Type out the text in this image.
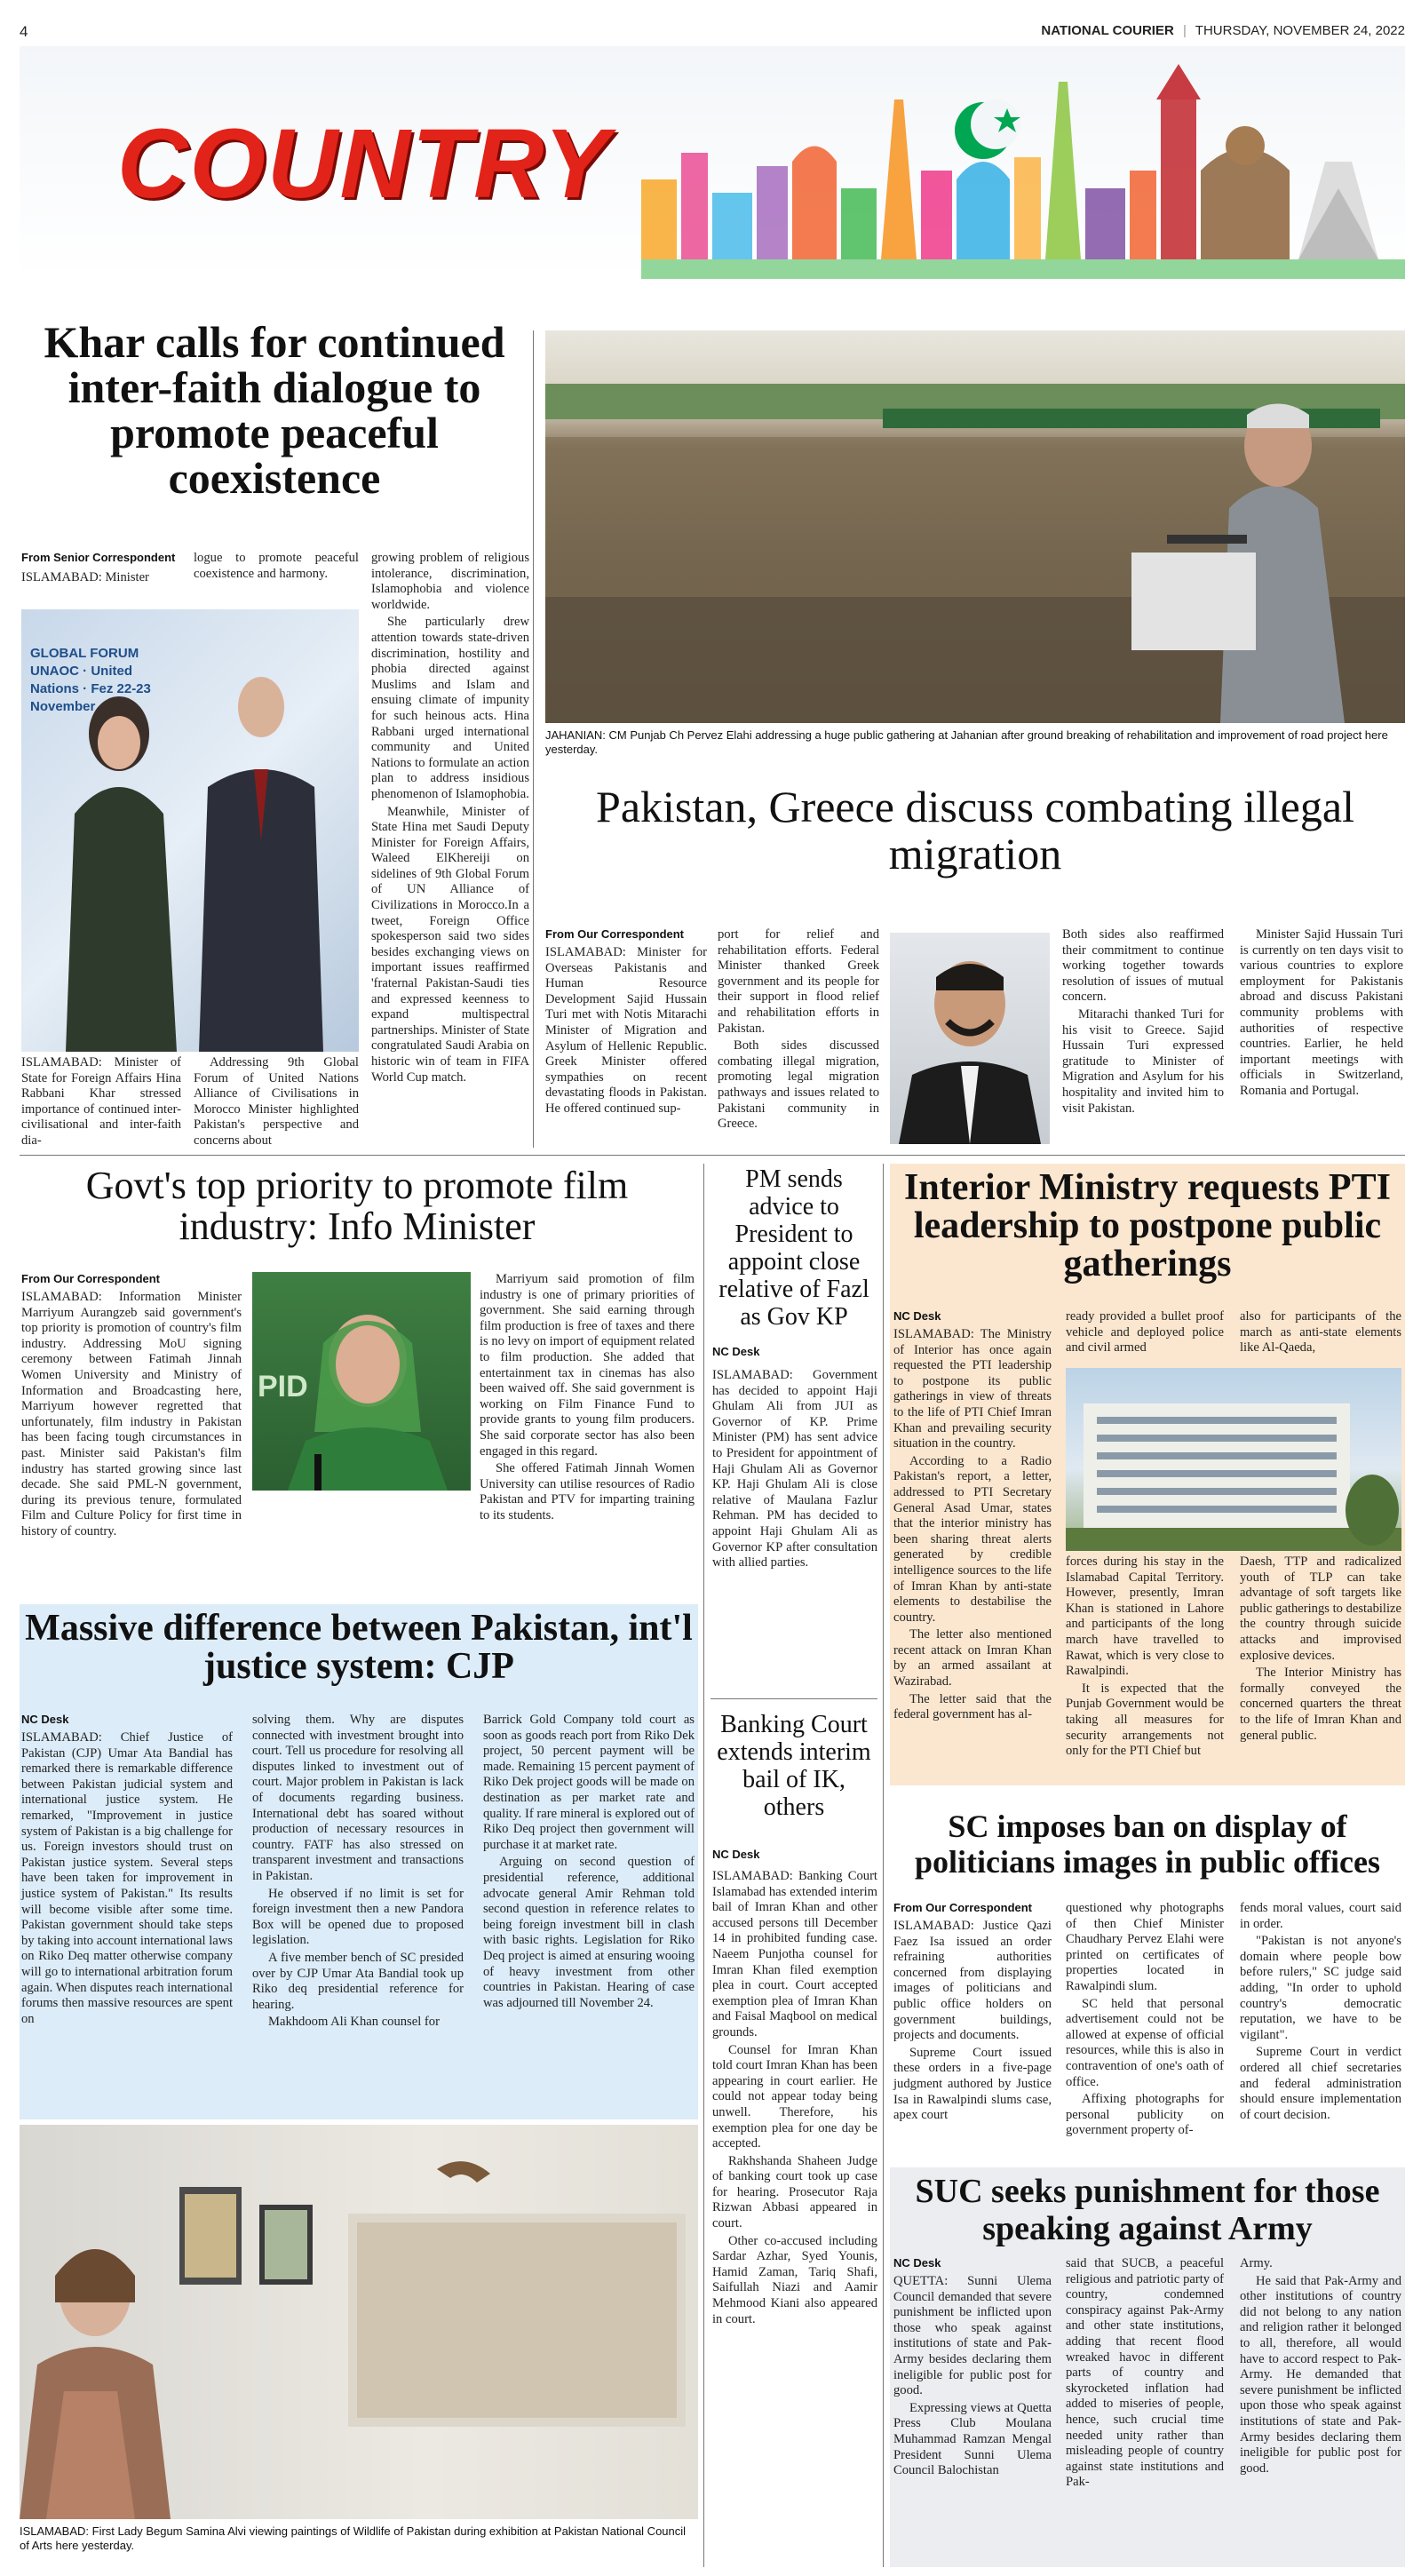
4	NATIONAL COURIER | THURSDAY, NOVEMBER 24, 2022
COUNTRY
Khar calls for continued inter-faith dialogue to promote peaceful coexistence
From Senior Correspondent

ISLAMABAD: Minister

GLOBAL FORUM UNAOC · United Nations · Fez 22-23 November

ISLAMABAD: Minister of State for Foreign Affairs Hina Rabbani Khar stressed importance of continued inter-civilisational and inter-faith dia-

logue to promote peaceful coexistence and harmony.

Addressing 9th Global Forum of United Nations Alliance of Civilisations in Morocco Minister highlighted Pakistan's perspective and concerns about

growing problem of religious intolerance, discrimination, Islamophobia and violence worldwide.

She particularly drew attention towards state-driven discrimination, hostility and phobia directed against Muslims and Islam and ensuing climate of impunity for such heinous acts. Hina Rabbani urged international community and United Nations to formulate an action plan to address insidious phenomenon of Islamophobia.

Meanwhile, Minister of State Hina met Saudi Deputy Minister for Foreign Affairs, Waleed ElKhereiji on sidelines of 9th Global Forum of UN Alliance of Civilizations in Morocco.In a tweet, Foreign Office spokesperson said two sides besides exchanging views on important issues reaffirmed 'fraternal Pakistan-Saudi ties and expressed keenness to expand multispectral partnerships. Minister of State congratulated Saudi Arabia on historic win of team in FIFA World Cup match.

JAHANIAN: CM Punjab Ch Pervez Elahi addressing a huge public gathering at Jahanian after ground breaking of rehabilitation and improvement of road project here yesterday.
Pakistan, Greece discuss combating illegal migration
From Our Correspondent

ISLAMABAD: Minister for Overseas Pakistanis and Human Resource Development Sajid Hussain Turi met with Notis Mitarachi Minister of Migration and Asylum of Hellenic Republic. Greek Minister offered sympathies on recent devastating floods in Pakistan. He offered continued sup-

port for relief and rehabilitation efforts. Federal Minister thanked Greek government and its people for their support in flood relief and rehabilitation efforts in Pakistan.

Both sides discussed combating illegal migration, promoting legal migration pathways and issues related to Pakistani community in Greece.

Both sides also reaffirmed their commitment to continue working together towards resolution of issues of mutual concern.

Mitarachi thanked Turi for his visit to Greece. Sajid Hussain Turi expressed gratitude to Minister of Migration and Asylum for his hospitality and invited him to visit Pakistan.

Minister Sajid Hussain Turi is currently on ten days visit to various countries to explore employment for Pakistanis abroad and discuss Pakistani community problems with authorities of respective countries. Earlier, he held important meetings with officials in Switzerland, Romania and Portugal.

Govt's top priority to promote film industry: Info Minister
From Our Correspondent

ISLAMABAD: Information Minister Marriyum Aurangzeb said government's top priority is promotion of country's film industry. Addressing MoU signing ceremony between Fatimah Jinnah Women University and Ministry of Information and Broadcasting here, Marriyum however regretted that unfortunately, film industry in Pakistan has been facing tough circumstances in past. Minister said Pakistan's film industry has started growing since last decade. She said PML-N government, during its previous tenure, formulated Film and Culture Policy for first time in history of country.

PID

Marriyum said promotion of film industry is one of primary priorities of government. She said earning through film production is free of taxes and there is no levy on import of equipment related to film production. She added that entertainment tax in cinemas has also been waived off. She said government is working on Film Finance Fund to provide grants to young film producers. She said corporate sector has also been engaged in this regard.

She offered Fatimah Jinnah Women University can utilise resources of Radio Pakistan and PTV for imparting training to its students.

Massive difference between Pakistan, int'l justice system: CJP
NC Desk

ISLAMABAD: Chief Justice of Pakistan (CJP) Umar Ata Bandial has remarked there is remarkable difference between Pakistan judicial system and international justice system. He remarked, "Improvement in justice system of Pakistan is a big challenge for us. Foreign investors should trust on Pakistan justice system. Several steps have been taken for improvement in justice system of Pakistan." Its results will become visible after some time. Pakistan government should take steps by taking into account international laws on Riko Deq matter otherwise company will go to international arbitration forum again. When disputes reach international forums then massive resources are spent on

solving them. Why are disputes connected with investment brought into court. Tell us procedure for resolving all disputes linked to investment out of court. Major problem in Pakistan is lack of documents regarding business. International debt has soared without production of necessary resources in country. FATF has also stressed on transparent investment and transactions in Pakistan.

He observed if no limit is set for foreign investment then a new Pandora Box will be opened due to proposed legislation.

A five member bench of SC presided over by CJP Umar Ata Bandial took up Riko deq presidential reference for hearing.

Makhdoom Ali Khan counsel for

Barrick Gold Company told court as soon as goods reach port from Riko Dek project, 50 percent payment will be made. Remaining 15 percent payment of Riko Dek project goods will be made on destination as per market rate and quality. If rare mineral is explored out of Riko Deq project then government will purchase it at market rate.

Arguing on second question of presidential reference, additional advocate general Amir Rehman told second question in reference relates to being foreign investment bill in clash with basic rights. Legislation for Riko Deq project is aimed at ensuring wooing of heavy investment from other countries in Pakistan. Hearing of case was adjourned till November 24.

ISLAMABAD: First Lady Begum Samina Alvi viewing paintings of Wildlife of Pakistan during exhibition at Pakistan National Council of Arts here yesterday.
PM sends advice to President to appoint close relative of Fazl as Gov KP
NC Desk

ISLAMABAD: Government has decided to appoint Haji Ghulam Ali from JUI as Governor of KP. Prime Minister (PM) has sent advice to President for appointment of Haji Ghulam Ali as Governor KP. Haji Ghulam Ali is close relative of Maulana Fazlur Rehman. PM has decided to appoint Haji Ghulam Ali as Governor KP after consultation with allied parties.

Banking Court extends interim bail of IK, others
NC Desk

ISLAMABAD: Banking Court Islamabad has extended interim bail of Imran Khan and other accused persons till December 14 in prohibited funding case. Naeem Punjotha counsel for Imran Khan filed exemption plea in court. Court accepted exemption plea of Imran Khan and Faisal Maqbool on medical grounds.

Counsel for Imran Khan told court Imran Khan has been appearing in court earlier. He could not appear today being unwell. Therefore, his exemption plea for one day be accepted.

Rakhshanda Shaheen Judge of banking court took up case for hearing. Prosecutor Raja Rizwan Abbasi appeared in court.

Other co-accused including Sardar Azhar, Syed Younis, Hamid Zaman, Tariq Shafi, Saifullah Niazi and Aamir Mehmood Kiani also appeared in court.

Interior Ministry requests PTI leadership to postpone public gatherings
NC Desk

ISLAMABAD: The Ministry of Interior has once again requested the PTI leadership to postpone its public gatherings in view of threats to the life of PTI Chief Imran Khan and prevailing security situation in the country.

According to a Radio Pakistan's report, a letter, addressed to PTI Secretary General Asad Umar, states that the interior ministry has been sharing threat alerts generated by credible intelligence sources to the life of Imran Khan by anti-state elements to destabilise the country.

The letter also mentioned recent attack on Imran Khan by an armed assailant at Wazirabad.

The letter said that the federal government has al-

ready provided a bullet proof vehicle and deployed police and civil armed

also for participants of the march as anti-state elements like Al-Qaeda,

forces during his stay in the Islamabad Capital Territory. However, presently, Imran Khan is stationed in Lahore and participants of the long march have travelled to Rawat, which is very close to Rawalpindi.

It is expected that the Punjab Government would be taking all measures for security arrangements not only for the PTI Chief but

Daesh, TTP and radicalized youth of TLP can take advantage of soft targets like public gatherings to destabilize the country through suicide attacks and improvised explosive devices.

The Interior Ministry has formally conveyed the concerned quarters the threat to the life of Imran Khan and general public.

SC imposes ban on display of politicians images in public offices
From Our Correspondent

ISLAMABAD: Justice Qazi Faez Isa issued an order refraining authorities concerned from displaying images of politicians and public office holders on government buildings, projects and documents.

Supreme Court issued these orders in a five-page judgment authored by Justice Isa in Rawalpindi slums case, apex court

questioned why photographs of then Chief Minister Chaudhary Pervez Elahi were printed on certificates of properties located in Rawalpindi slum.

SC held that personal advertisement could not be allowed at expense of official resources, while this is also in contravention of one's oath of office.

Affixing photographs for personal publicity on government property of-

fends moral values, court said in order.

"Pakistan is not anyone's domain where people bow before rulers," SC judge said adding, "In order to uphold country's democratic reputation, we have to be vigilant".

Supreme Court in verdict ordered all chief secretaries and federal administration should ensure implementation of court decision.

SUC seeks punishment for those speaking against Army
NC Desk

QUETTA: Sunni Ulema Council demanded that severe punishment be inflicted upon those who speak against institutions of state and Pak-Army besides declaring them ineligible for public post for good.

Expressing views at Quetta Press Club Moulana Muhammad Ramzan Mengal President Sunni Ulema Council Balochistan

said that SUCB, a peaceful religious and patriotic party of country, condemned conspiracy against Pak-Army and other state institutions, adding that recent flood wreaked havoc in different parts of country and skyrocketed inflation had added to miseries of people, hence, such crucial time needed unity rather than misleading people of country against state institutions and Pak-

Army.

He said that Pak-Army and other institutions of country did not belong to any nation and religion rather it belonged to all, therefore, all would have to accord respect to Pak-Army. He demanded that severe punishment be inflicted upon those who speak against institutions of state and Pak-Army besides declaring them ineligible for public post for good.
